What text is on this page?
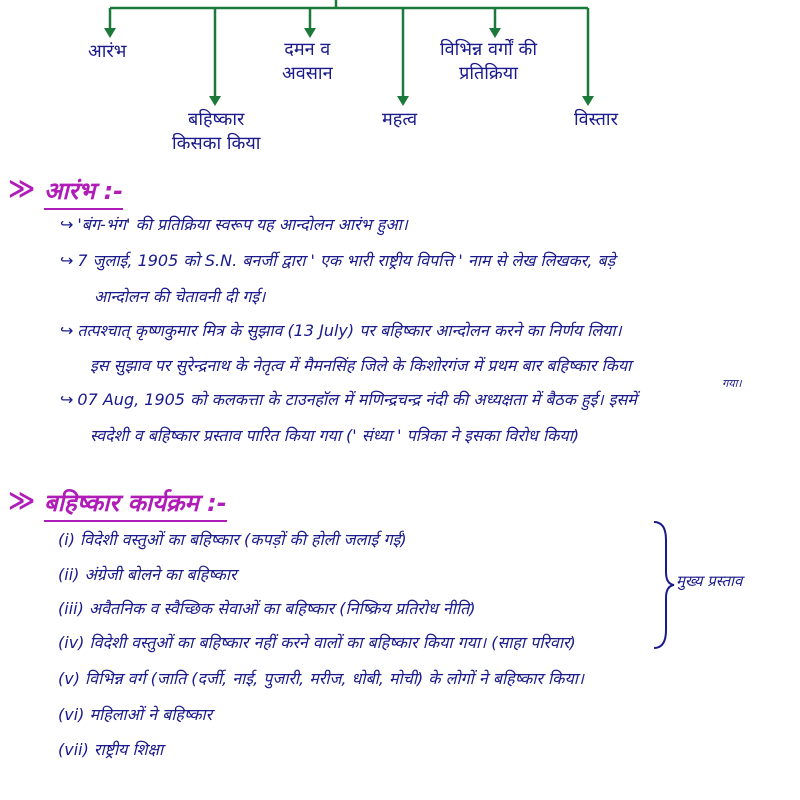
आरंभ
बहिष्कार
किसका किया
दमन व
अवसान
महत्व
विभिन्न वर्गों की
प्रतिक्रिया
विस्तार
≫ आरंभ :-
↪ 'बंग-भंग' की प्रतिक्रिया स्वरूप यह आन्दोलन आरंभ हुआ।
↪ 7 जुलाई, 1905 को S.N. बनर्जी द्वारा ' एक भारी राष्ट्रीय विपत्ति ' नाम से लेख लिखकर, बड़े
आन्दोलन की चेतावनी दी गई।
↪ तत्पश्चात् कृष्णकुमार मित्र के सुझाव (13 July) पर बहिष्कार आन्दोलन करने का निर्णय लिया।
इस सुझाव पर सुरेन्द्रनाथ के नेतृत्व में मैमनसिंह जिले के किशोरगंज में प्रथम बार बहिष्कार किया
गया।
↪ 07 Aug, 1905 को कलकत्ता के टाउनहॉल में मणिन्द्रचन्द्र नंदी की अध्यक्षता में बैठक हुई। इसमें
स्वदेशी व बहिष्कार प्रस्ताव पारित किया गया (' संध्या ' पत्रिका ने इसका विरोध किया)
≫ बहिष्कार कार्यक्रम :-
(i) विदेशी वस्तुओं का बहिष्कार (कपड़ों की होली जलाई गई)
(ii) अंग्रेजी बोलने का बहिष्कार
(iii) अवैतनिक व स्वैच्छिक सेवाओं का बहिष्कार (निष्क्रिय प्रतिरोध नीति)
(iv) विदेशी वस्तुओं का बहिष्कार नहीं करने वालों का बहिष्कार किया गया। (साहा परिवार)
(v) विभिन्न वर्ग (जाति (दर्जी, नाई, पुजारी, मरीज, धोबी, मोची) के लोगों ने बहिष्कार किया।
(vi) महिलाओं ने बहिष्कार
(vii) राष्ट्रीय शिक्षा
मुख्य प्रस्ताव
